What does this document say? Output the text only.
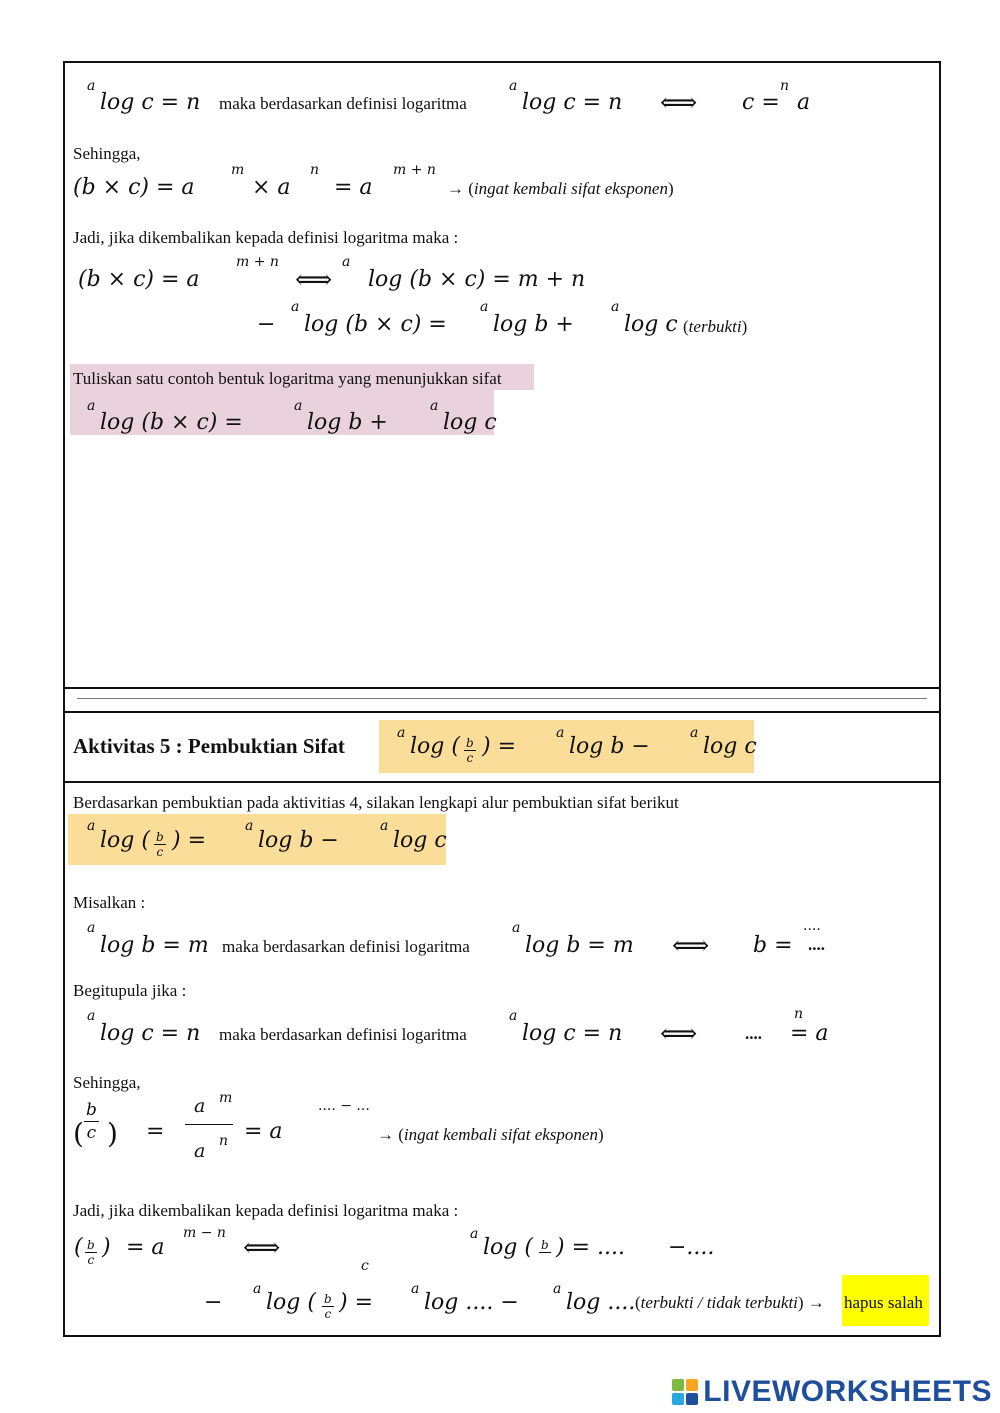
a
log c = n maka berdasarkan definisi logaritma
a
log c = n ⟺ c =
n
a
Sehingga,
(b × c) = a
m
× a
n
= a
m + n
→ (ingat kembali sifat eksponen)
Jadi, jika dikembalikan kepada definisi logaritma maka :
(b × c) = a
m + n
⟺
a
log (b × c) = m + n
−
a
log (b × c) =
a
log b +
a
log c (terbukti)
Tuliskan satu contoh bentuk logaritma yang menunjukkan sifat
a
log (b × c) =
a
log b +
a
log c
Aktivitas 5 : Pembuktian Sifat
a
log ( $\frac{b}{c}$ ) =
a
log b −
a
log c
Berdasarkan pembuktian pada aktivitias 4, silakan lengkapi alur pembuktian sifat berikut
a
log ( $\frac{b}{c}$ ) =
a
log b −
a
log c
Misalkan :
a
log b = m maka berdasarkan definisi logaritma
a
log b = m ⟺ b =
....
....
Begitupula jika :
a
log c = n maka berdasarkan definisi logaritma
a
log c = n ⟺	....
n
= a
Sehingga,
( $\frac{b}{c}$ ) =
a m
a n = a
.... − ...
→ (ingat kembali sifat eksponen)
Jadi, jika dikembalikan kepada definisi logaritma maka :
( $\frac{b}{c}$ ) = a
m − n ⟺
c
a
log ( b ) = .... −....
−
a
log ( $\frac{b}{c}$ ) =
a
log .... −
a
log .... (terbukti / tidak terbukti) → hapus salah
LIVEWORKSHEETS
